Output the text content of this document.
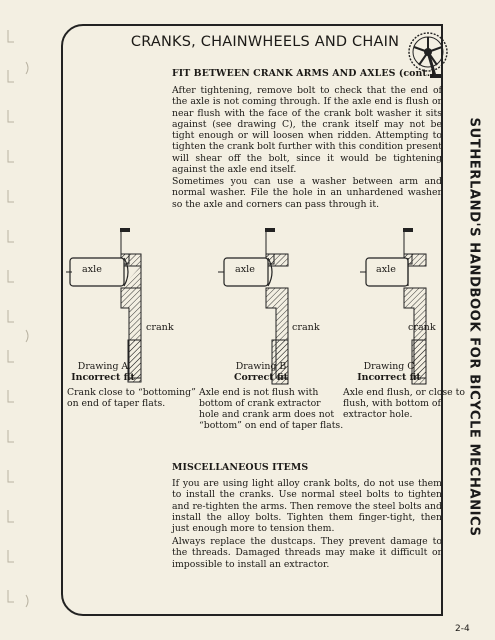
CRANKS, CHAINWHEELS AND CHAIN
SUTHERLAND'S HANDBOOK FOR BICYCLE MECHANICS
FIT BETWEEN CRANK ARMS AND AXLES (cont.)
After tightening, remove bolt to check that the end of the axle is not coming through. If the axle end is flush or near flush with the face of the crank bolt washer it sits against (see drawing C), the crank itself may not be tight enough or will loosen when ridden. Attempting to tighten the crank bolt further with this condition present will shear off the bolt, since it would be tightening against the axle end itself.
Sometimes you can use a washer between arm and normal washer. File the hole in an unhardened washer so the axle and corners can pass through it.
axle
crank
axle
crank
axle
crank
Drawing A
Incorrect fit
Drawing B
Correct fit
Drawing C
Incorrect fit
Crank close to “bottoming”
on end of taper flats.
Axle end is not flush with
bottom of crank extractor
hole and crank arm does not
“bottom” on end of taper flats.
Axle end flush, or close to
flush, with bottom of
extractor hole.
MISCELLANEOUS ITEMS
If you are using light alloy crank bolts, do not use them to install the cranks. Use normal steel bolts to tighten and re-tighten the arms. Then remove the steel bolts and install the alloy bolts. Tighten them finger-tight, then just enough more to tension them.
Always replace the dustcaps. They prevent damage to the threads. Damaged threads may make it difficult or impossible to install an extractor.
2-4
